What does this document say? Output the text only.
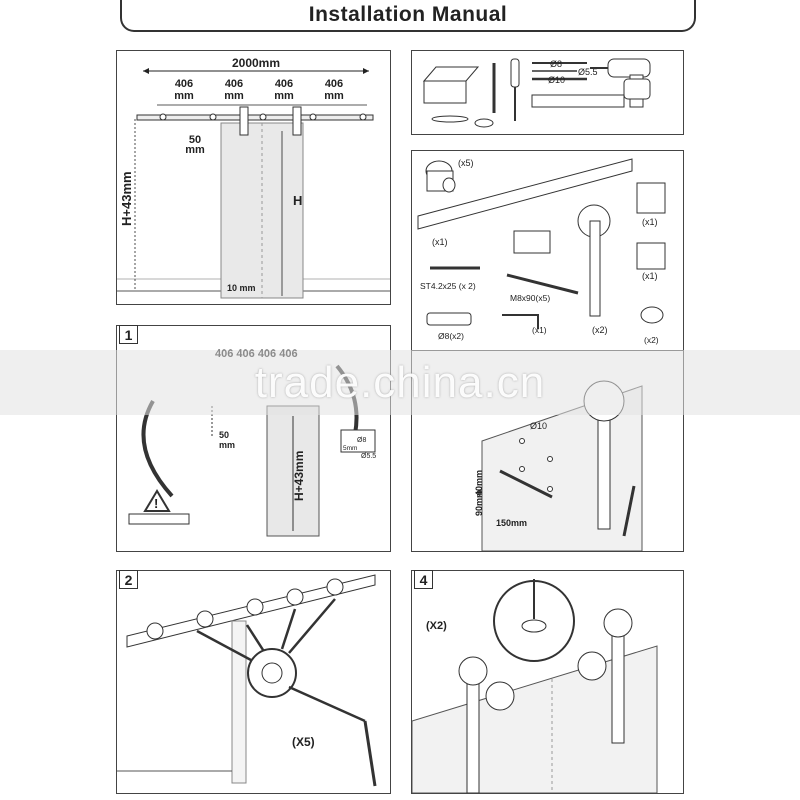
Installation Manual
2000mm
406 mm
406 mm
406 mm
406 mm
50 mm
H+43mm	H
10 mm
Ø8
Ø5.5
Ø10
(x5)
(x1)
(x1)
(x1)
(x2)
ST4.2x25 (x 2)
M8x90(x5)
Ø8(x2)
(x1)
(x2)
1
50 mm
!
H+43mm
Ø8
Ø5.5
5mm
Ø10
40mm
90mm
150mm
2
(X5)
4
(X2)
trade.china.cn
